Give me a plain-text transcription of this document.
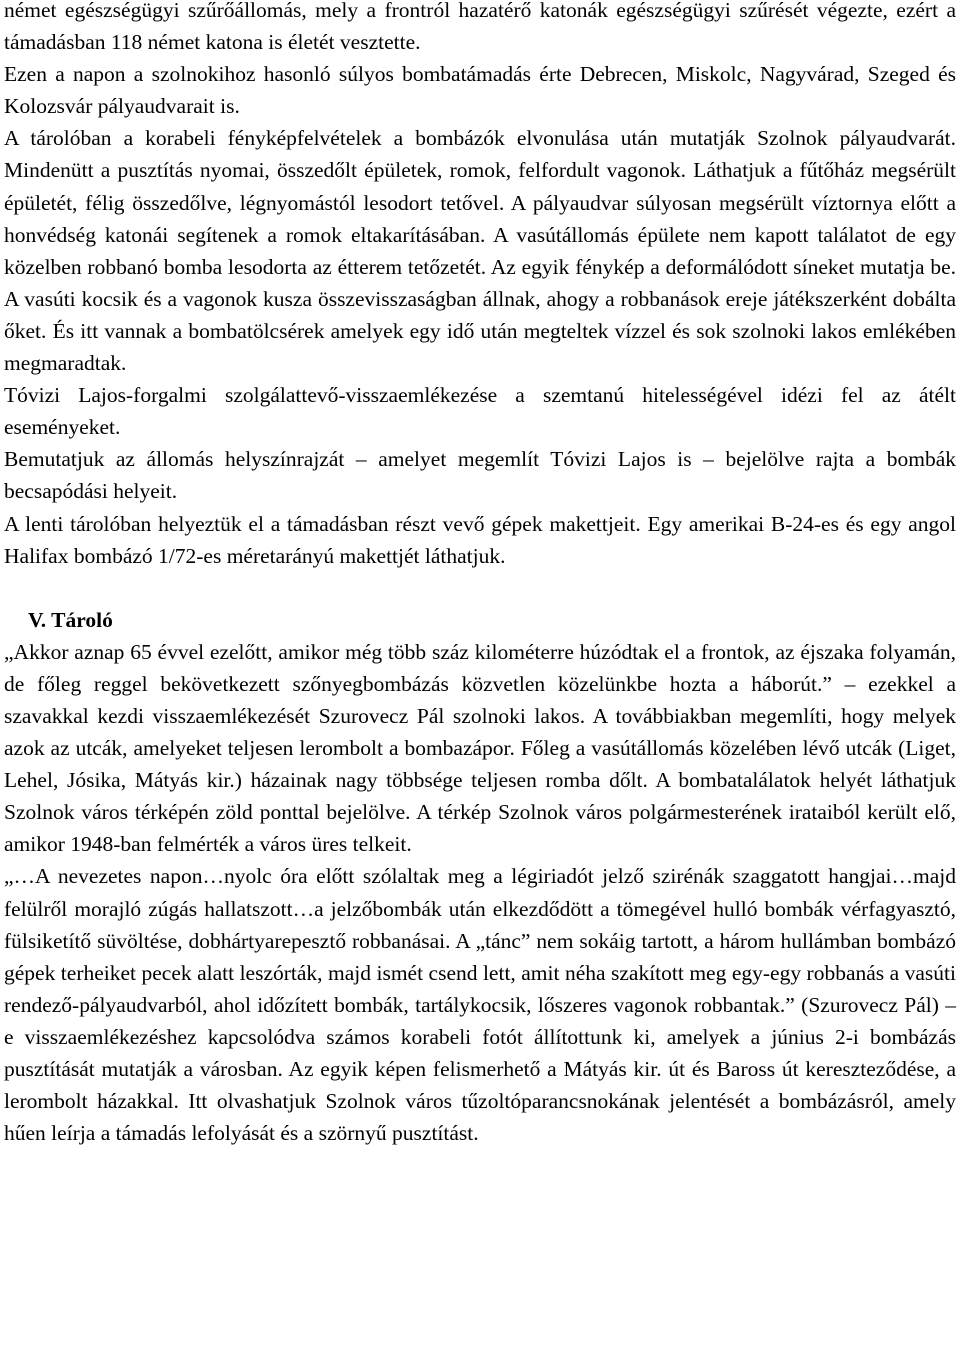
német egészségügyi szűrőállomás, mely a frontról hazatérő katonák egészségügyi szűrését végezte, ezért a támadásban 118 német katona is életét vesztette.

Ezen a napon a szolnokihoz hasonló súlyos bombatámadás érte Debrecen, Miskolc, Nagyvárad, Szeged és Kolozsvár pályaudvarait is.

A tárolóban a korabeli fényképfelvételek a bombázók elvonulása után mutatják Szolnok pályaudvarát. Mindenütt a pusztítás nyomai, összedőlt épületek, romok, felfordult vagonok. Láthatjuk a fűtőház megsérült épületét, félig összedőlve, légnyomástól lesodort tetővel. A pályaudvar súlyosan megsérült víztornya előtt a honvédség katonái segítenek a romok eltakarításában. A vasútállomás épülete nem kapott találatot de egy közelben robbanó bomba lesodorta az étterem tetőzetét. Az egyik fénykép a deformálódott síneket mutatja be. A vasúti kocsik és a vagonok kusza összevisszaságban állnak, ahogy a robbanások ereje játékszerként dobálta őket. És itt vannak a bombatölcsérek amelyek egy idő után megteltek vízzel és sok szolnoki lakos emlékében megmaradtak.

Tóvizi Lajos-forgalmi szolgálattevő-visszaemlékezése a szemtanú hitelességével idézi fel az átélt eseményeket.

Bemutatjuk az állomás helyszínrajzát – amelyet megemlít Tóvizi Lajos is – bejelölve rajta a bombák becsapódási helyeit.

A lenti tárolóban helyeztük el a támadásban részt vevő gépek makettjeit. Egy amerikai B-24-es és egy angol Halifax bombázó 1/72-es méretarányú makettjét láthatjuk.

V. Tároló

„Akkor aznap 65 évvel ezelőtt, amikor még több száz kilométerre húzódtak el a frontok, az éjszaka folyamán, de főleg reggel bekövetkezett szőnyegbombázás közvetlen közelünkbe hozta a háborút.” – ezekkel a szavakkal kezdi visszaemlékezését Szurovecz Pál szolnoki lakos. A továbbiakban megemlíti, hogy melyek azok az utcák, amelyeket teljesen lerombolt a bombazápor. Főleg a vasútállomás közelében lévő utcák (Liget, Lehel, Jósika, Mátyás kir.) házainak nagy többsége teljesen romba dőlt. A bombatalálatok helyét láthatjuk Szolnok város térképén zöld ponttal bejelölve. A térkép Szolnok város polgármesterének irataiból került elő, amikor 1948-ban felmérték a város üres telkeit.

„…A nevezetes napon…nyolc óra előtt szólaltak meg a légiriadót jelző szirénák szaggatott hangjai…majd felülről morajló zúgás hallatszott…a jelzőbombák után elkezdődött a tömegével hulló bombák vérfagyasztó, fülsiketítő süvöltése, dobhártyarepesztő robbanásai. A „tánc” nem sokáig tartott, a három hullámban bombázó gépek terheiket pecek alatt leszórták, majd ismét csend lett, amit néha szakított meg egy-egy robbanás a vasúti rendező-pályaudvarból, ahol időzített bombák, tartálykocsik, lőszeres vagonok robbantak.” (Szurovecz Pál) – e visszaemlékezéshez kapcsolódva számos korabeli fotót állítottunk ki, amelyek a június 2-i bombázás pusztítását mutatják a városban. Az egyik képen felismerhető a Mátyás kir. út és Baross út kereszteződése, a lerombolt házakkal. Itt olvashatjuk Szolnok város tűzoltóparancsnokának jelentését a bombázásról, amely hűen leírja a támadás lefolyását és a szörnyű pusztítást.
